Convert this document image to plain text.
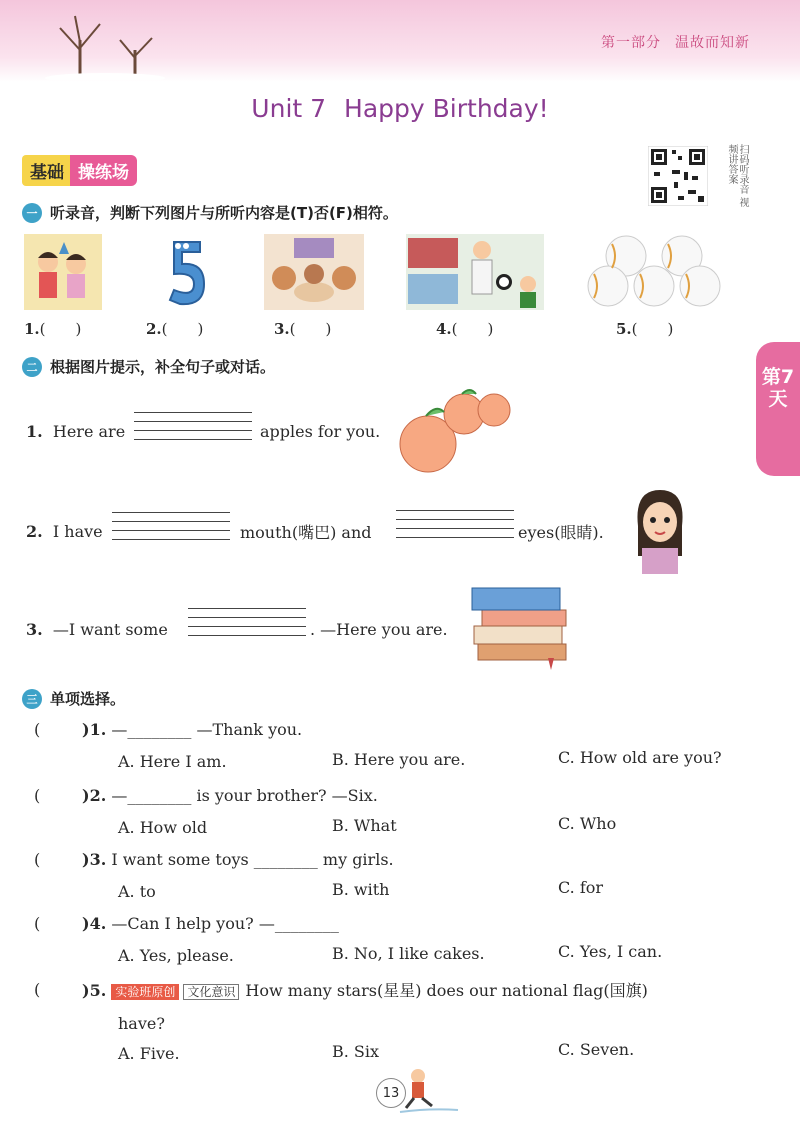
第一部分 温故而知新
Unit 7 Happy Birthday!
基础 操练场	扫码听录音 视频讲答案
第7天
一 听录音，判断下列图片与所听内容是(T)否(F)相符。
1.(　　)	2.(　　)	3.(　　)	4.(　　)	5.(　　)
二 根据图片提示，补全句子或对话。
1. Here are	apples for you.
2. I have	mouth(嘴巴) and	eyes(眼睛).
3. —I want some	. —Here you are.
三 单项选择。
(	)1. —________ —Thank you.
A. Here I am.	B. Here you are.	C. How old are you?
(	)2. —________ is your brother? —Six.
A. How old	B. What	C. Who
(	)3. I want some toys ________ my girls.
A. to	B. with	C. for
(	)4. —Can I help you? —________
A. Yes, please.	B. No, I like cakes.	C. Yes, I can.
(	)5. 实验班原创 文化意识 How many stars(星星) does our national flag(国旗)
have?
A. Five.	B. Six	C. Seven.
13
